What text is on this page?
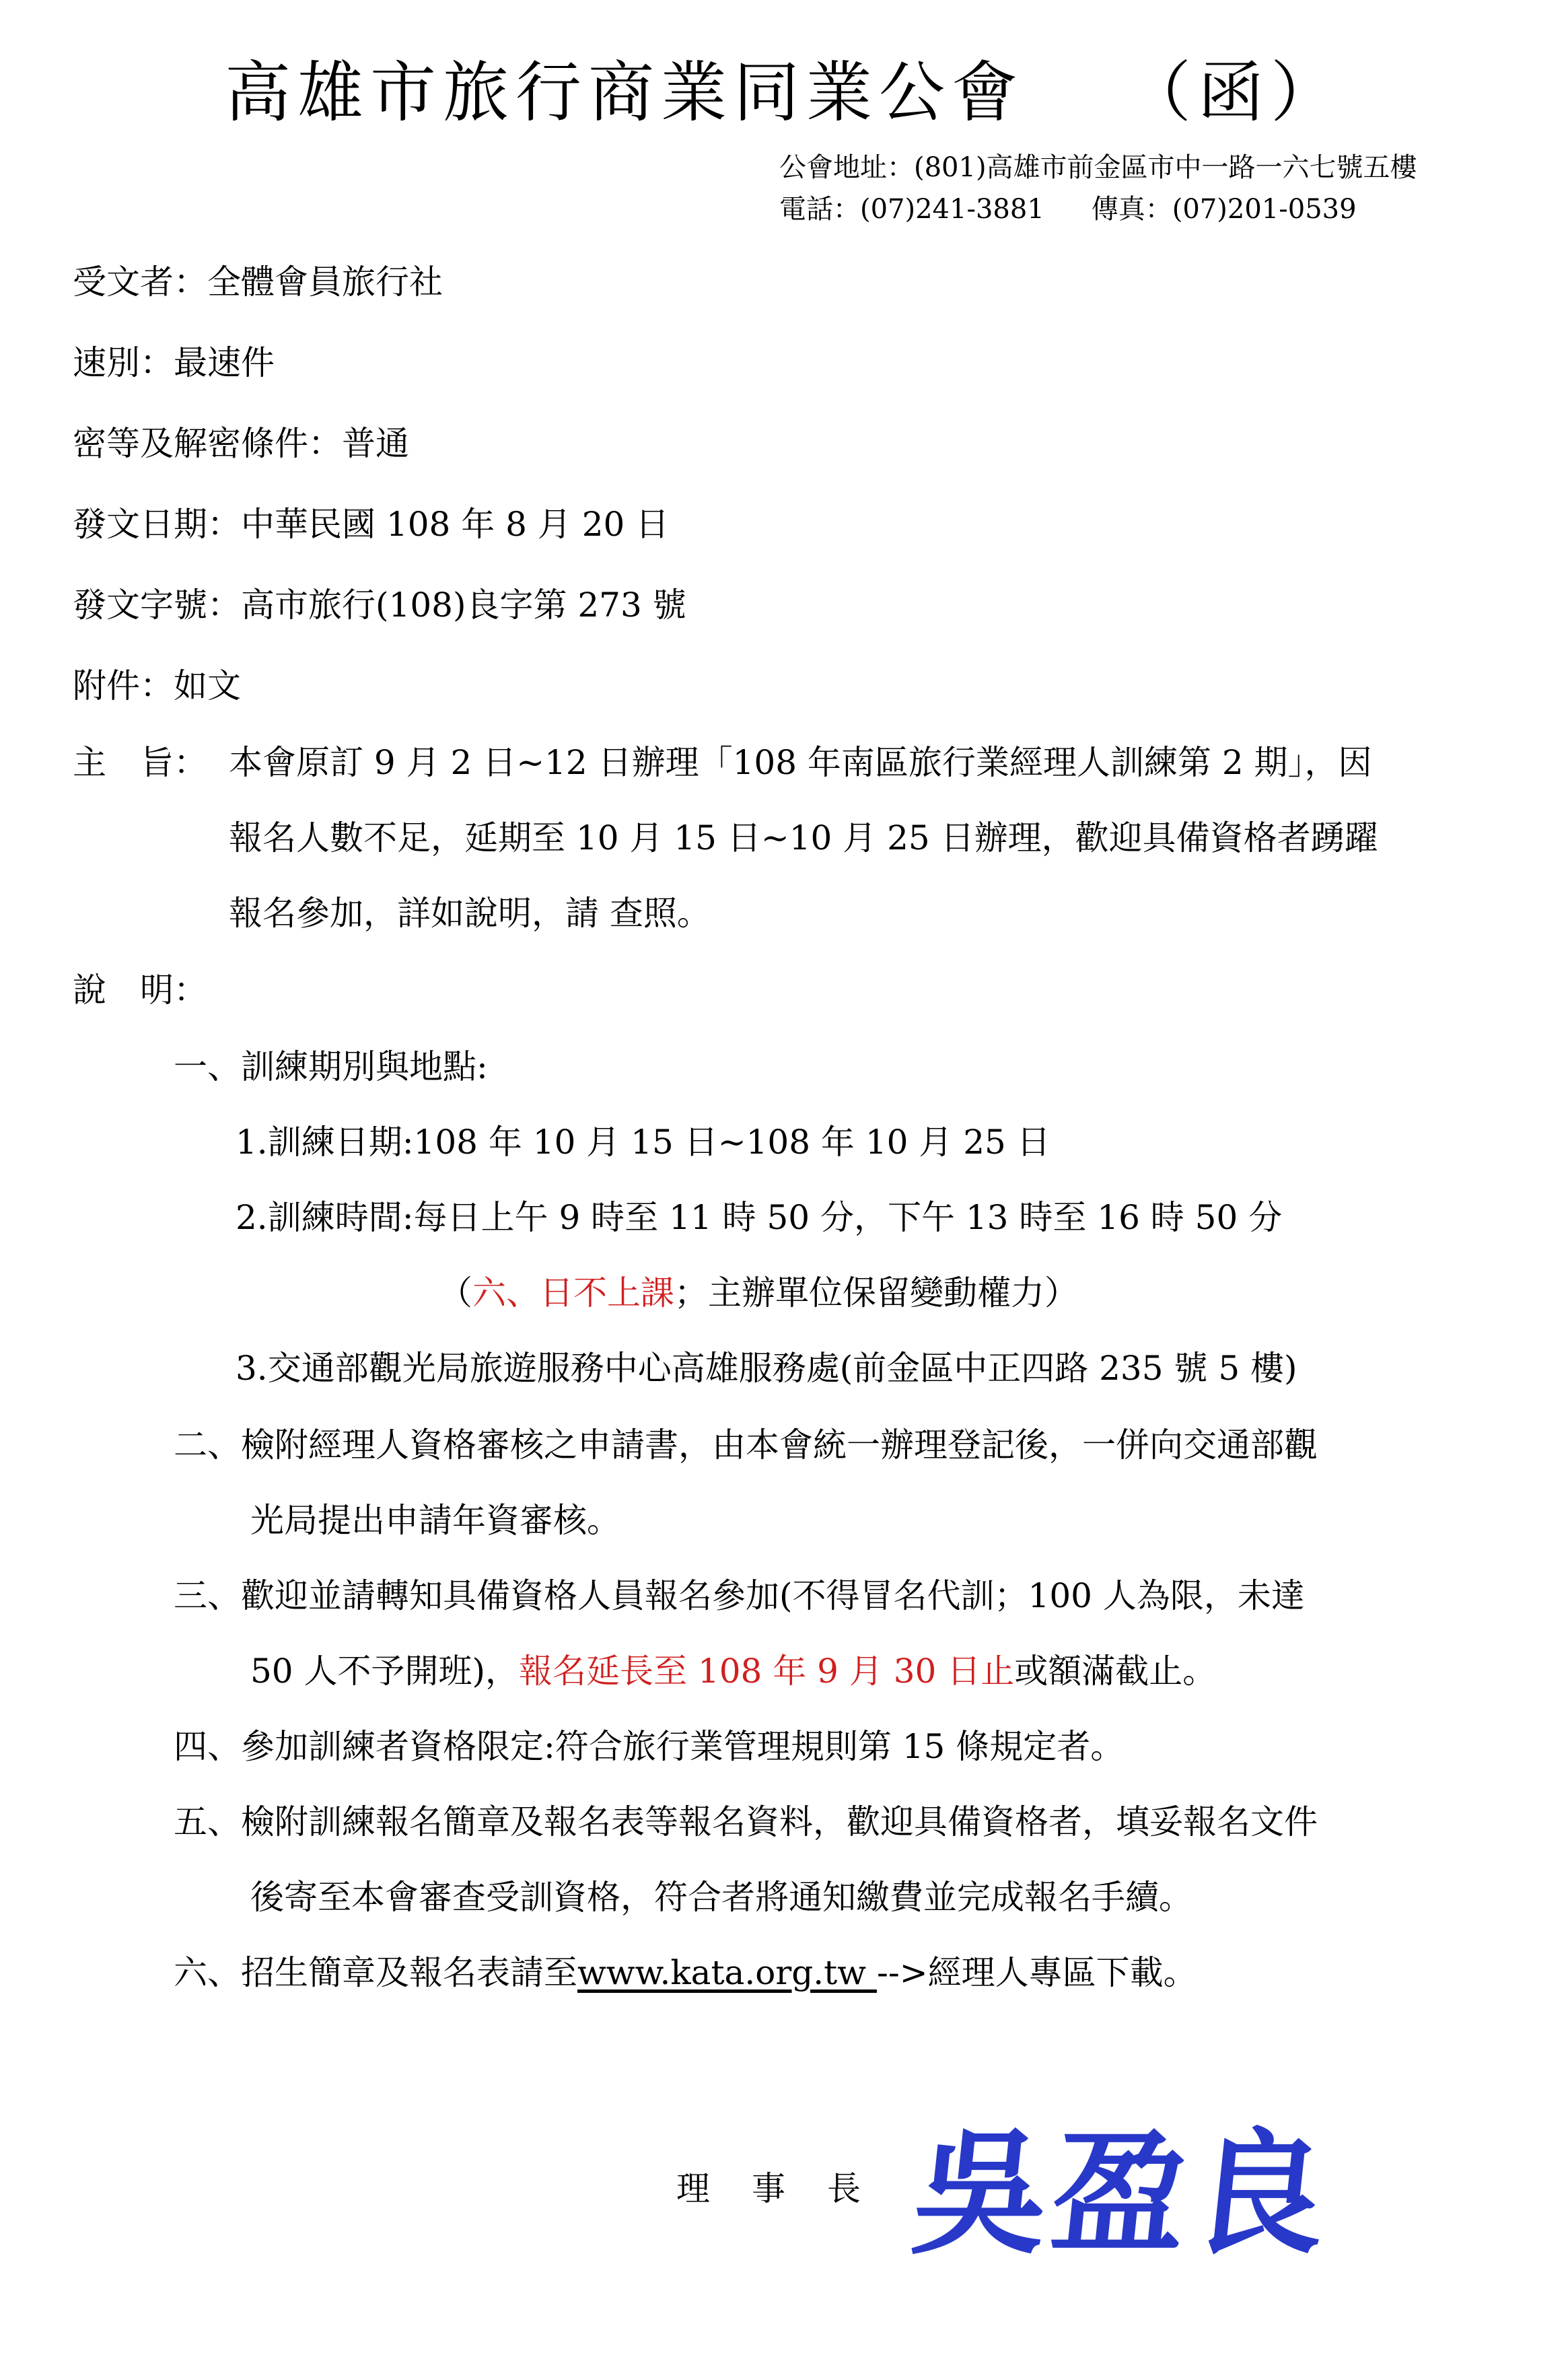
高雄市旅行商業同業公會 （函）
公會地址：(801)高雄市前金區市中一路一六七號五樓
電話：(07)241-3881 傳真：(07)201-0539
受文者：全體會員旅行社
速別：最速件
密等及解密條件：普通
發文日期：中華民國 108 年 8 月 20 日
發文字號：高市旅行(108)良字第 273 號
附件：如文
主　旨： 本會原訂 9 月 2 日~12 日辦理「108 年南區旅行業經理人訓練第 2 期」，因
報名人數不足，延期至 10 月 15 日~10 月 25 日辦理，歡迎具備資格者踴躍
報名參加，詳如說明，請 查照。
說　明：
一、訓練期別與地點:
1.訓練日期:108 年 10 月 15 日~108 年 10 月 25 日
2.訓練時間:每日上午 9 時至 11 時 50 分，下午 13 時至 16 時 50 分
（六、日不上課；主辦單位保留變動權力）
3.交通部觀光局旅遊服務中心高雄服務處(前金區中正四路 235 號 5 樓)
二、檢附經理人資格審核之申請書，由本會統一辦理登記後，一併向交通部觀
光局提出申請年資審核。
三、歡迎並請轉知具備資格人員報名參加(不得冒名代訓；100 人為限，未達
50 人不予開班)，報名延長至 108 年 9 月 30 日止或額滿截止。
四、參加訓練者資格限定:符合旅行業管理規則第 15 條規定者。
五、檢附訓練報名簡章及報名表等報名資料，歡迎具備資格者，填妥報名文件
後寄至本會審查受訓資格，符合者將通知繳費並完成報名手續。
六、招生簡章及報名表請至www.kata.org.tw -->經理人專區下載。
理事長 吳盈良
